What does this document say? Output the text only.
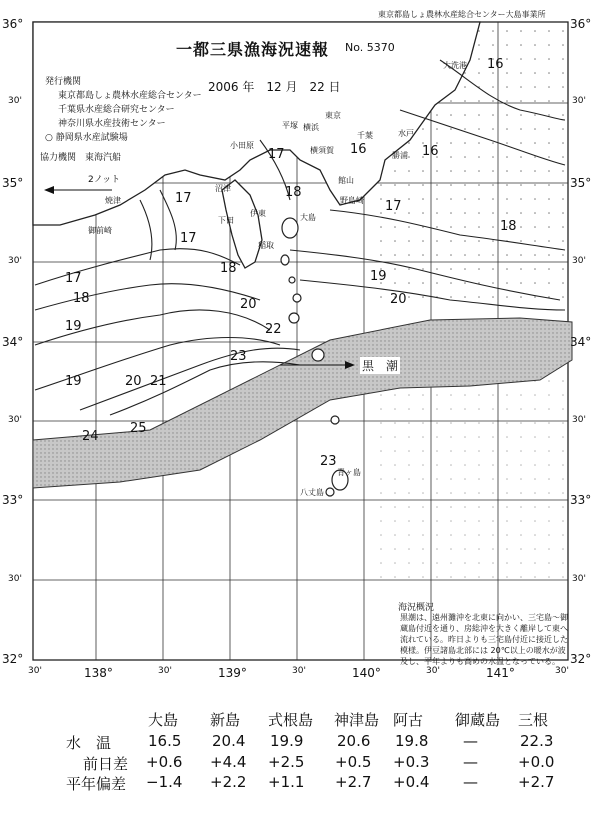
16
16	16
17
17
17
17
17
18
18
18
18
19
19
19
20	20
20 21
22
23
23
24
25
東京都島しょ農林水産総合センター大島事業所
一都三県漁海況速報 No. 5370
2006 年　12 月　22 日
発行機関
東京都島しょ農林水産総合センター
千葉県水産総合研究センター
神奈川県水産技術センター
○ 静岡県水産試験場
協力機関　東海汽船
2ノット
黒　潮
36°
30'
35°
30'
34°
30'
33°
30'
32°
36°
30'
35°
30'
34°
30'
33°
30'
32°
30'	138°	30'	139°	30'	140°	30'	141°	30'
大洗港
水戸
小田原
横浜
東京
千葉
平塚
横須賀
館山
勝浦
野島崎
大島
沼津
下田
伊東
稲取
御前崎
焼津
八丈島
青ヶ島
海況概況
黒潮は、遠州灘沖を北東に向かい、三宅島〜御蔵島付近を通り、房総沖を大きく離岸して東へ流れている。昨日よりも三宅島付近に接近した模様。伊豆諸島北部には 20℃以上の暖水が波及し、平年よりも高めの水温となっている。
大島 新島 式根島 神津島 阿古 御蔵島 三根
水　温 16.5 20.4 19.9 20.6 19.8 —	22.3
前日差 +0.6 +4.4 +2.5 +0.5 +0.3 —	+0.0
平年偏差 −1.4 +2.2 +1.1 +2.7 +0.4 —	+2.7
